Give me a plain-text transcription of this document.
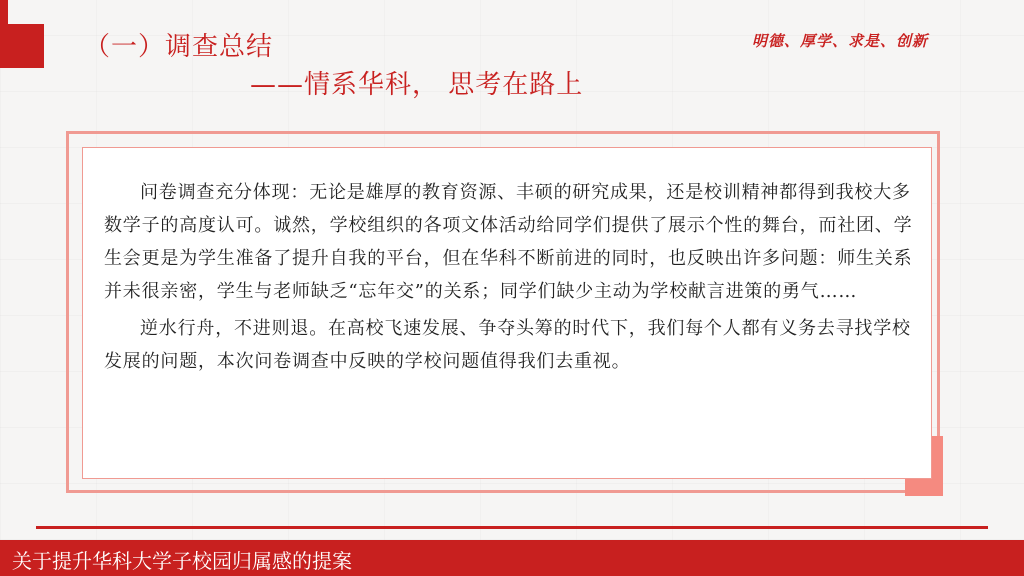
（一）调查总结
——情系华科， 思考在路上
明德、厚学、求是、创新

问卷调查充分体现：无论是雄厚的教育资源、丰硕的研究成果，还是校训精神都得到我校大多数学子的高度认可。诚然，学校组织的各项文体活动给同学们提供了展示个性的舞台，而社团、学生会更是为学生准备了提升自我的平台，但在华科不断前进的同时，也反映出许多问题：师生关系并未很亲密，学生与老师缺乏“忘年交”的关系；同学们缺少主动为学校献言进策的勇气……

逆水行舟，不进则退。在高校飞速发展、争夺头筹的时代下，我们每个人都有义务去寻找学校发展的问题，本次问卷调查中反映的学校问题值得我们去重视。

关于提升华科大学子校园归属感的提案
